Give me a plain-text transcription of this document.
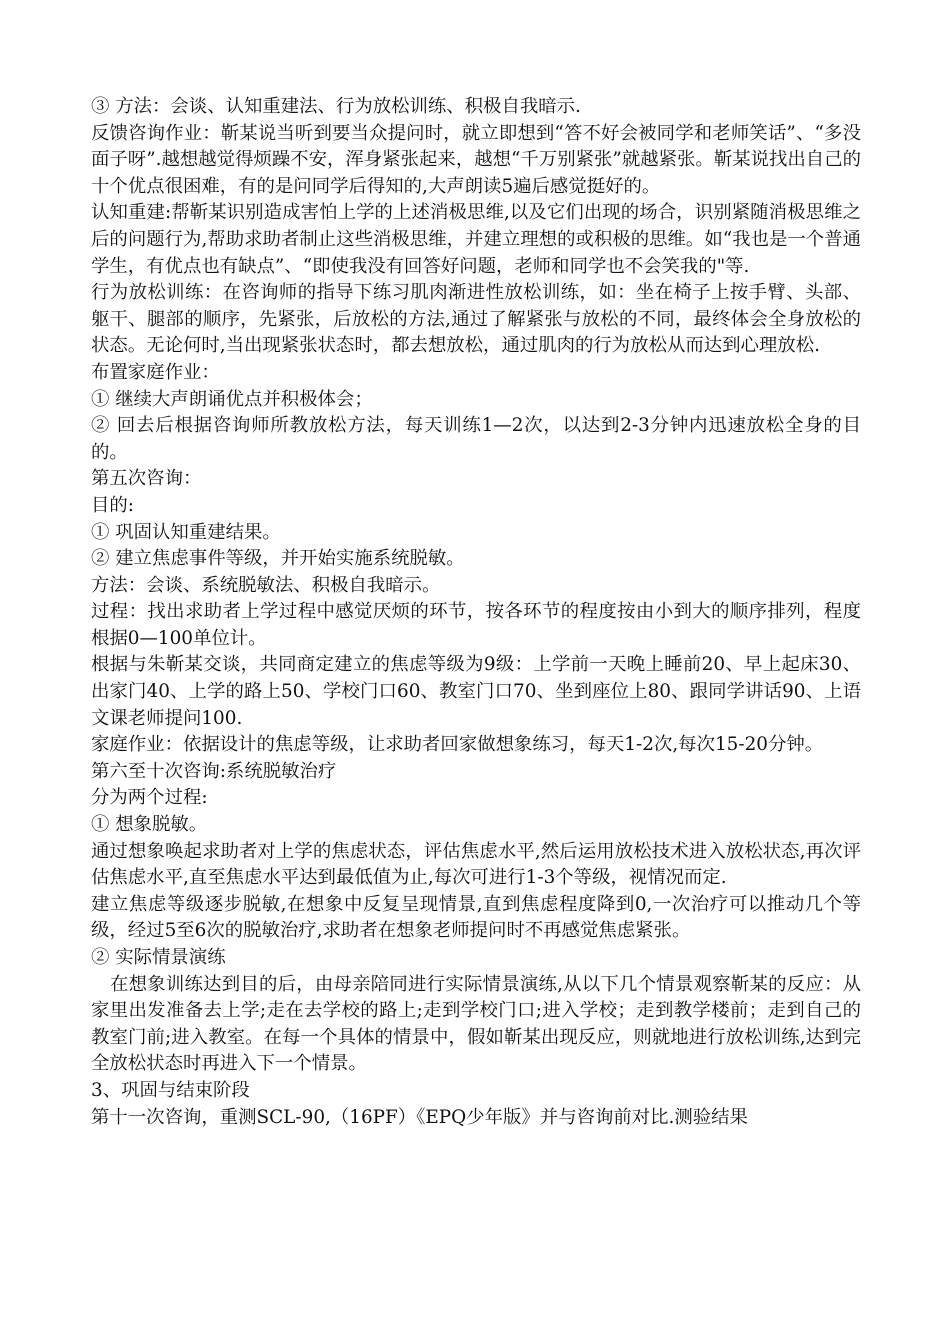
③ 方法：会谈、认知重建法、行为放松训练、积极自我暗示.

反馈咨询作业：靳某说当听到要当众提问时，就立即想到“答不好会被同学和老师笑话”、“多没面子呀”.越想越觉得烦躁不安，浑身紧张起来，越想“千万别紧张”就越紧张。靳某说找出自己的十个优点很困难，有的是问同学后得知的,大声朗读5遍后感觉挺好的。

认知重建:帮靳某识别造成害怕上学的上述消极思维,以及它们出现的场合，识别紧随消极思维之后的问题行为,帮助求助者制止这些消极思维，并建立理想的或积极的思维。如“我也是一个普通学生，有优点也有缺点”、“即使我没有回答好问题，老师和同学也不会笑我的"等.

行为放松训练：在咨询师的指导下练习肌肉渐进性放松训练，如：坐在椅子上按手臂、头部、躯干、腿部的顺序，先紧张，后放松的方法,通过了解紧张与放松的不同，最终体会全身放松的状态。无论何时,当出现紧张状态时，都去想放松，通过肌肉的行为放松从而达到心理放松.

布置家庭作业：

① 继续大声朗诵优点并积极体会；

② 回去后根据咨询师所教放松方法，每天训练1—2次，以达到2-3分钟内迅速放松全身的目的。

第五次咨询：

目的:

① 巩固认知重建结果。

② 建立焦虑事件等级，并开始实施系统脱敏。

方法：会谈、系统脱敏法、积极自我暗示。

过程：找出求助者上学过程中感觉厌烦的环节，按各环节的程度按由小到大的顺序排列，程度根据0—100单位计。

根据与朱靳某交谈，共同商定建立的焦虑等级为9级：上学前一天晚上睡前20、早上起床30、出家门40、上学的路上50、学校门口60、教室门口70、坐到座位上80、跟同学讲话90、上语文课老师提问100.

家庭作业：依据设计的焦虑等级，让求助者回家做想象练习，每天1-2次,每次15-20分钟。

第六至十次咨询:系统脱敏治疗

分为两个过程:

① 想象脱敏。

通过想象唤起求助者对上学的焦虑状态，评估焦虑水平,然后运用放松技术进入放松状态,再次评估焦虑水平,直至焦虑水平达到最低值为止,每次可进行1-3个等级，视情况而定.

建立焦虑等级逐步脱敏,在想象中反复呈现情景,直到焦虑程度降到0,一次治疗可以推动几个等级，经过5至6次的脱敏治疗,求助者在想象老师提问时不再感觉焦虑紧张。

② 实际情景演练

在想象训练达到目的后，由母亲陪同进行实际情景演练,从以下几个情景观察靳某的反应：从家里出发准备去上学;走在去学校的路上;走到学校门口;进入学校；走到教学楼前；走到自己的教室门前;进入教室。在每一个具体的情景中，假如靳某出现反应，则就地进行放松训练,达到完全放松状态时再进入下一个情景。

3、巩固与结束阶段

第十一次咨询，重测SCL-90,（16PF）《EPQ少年版》并与咨询前对比.测验结果
